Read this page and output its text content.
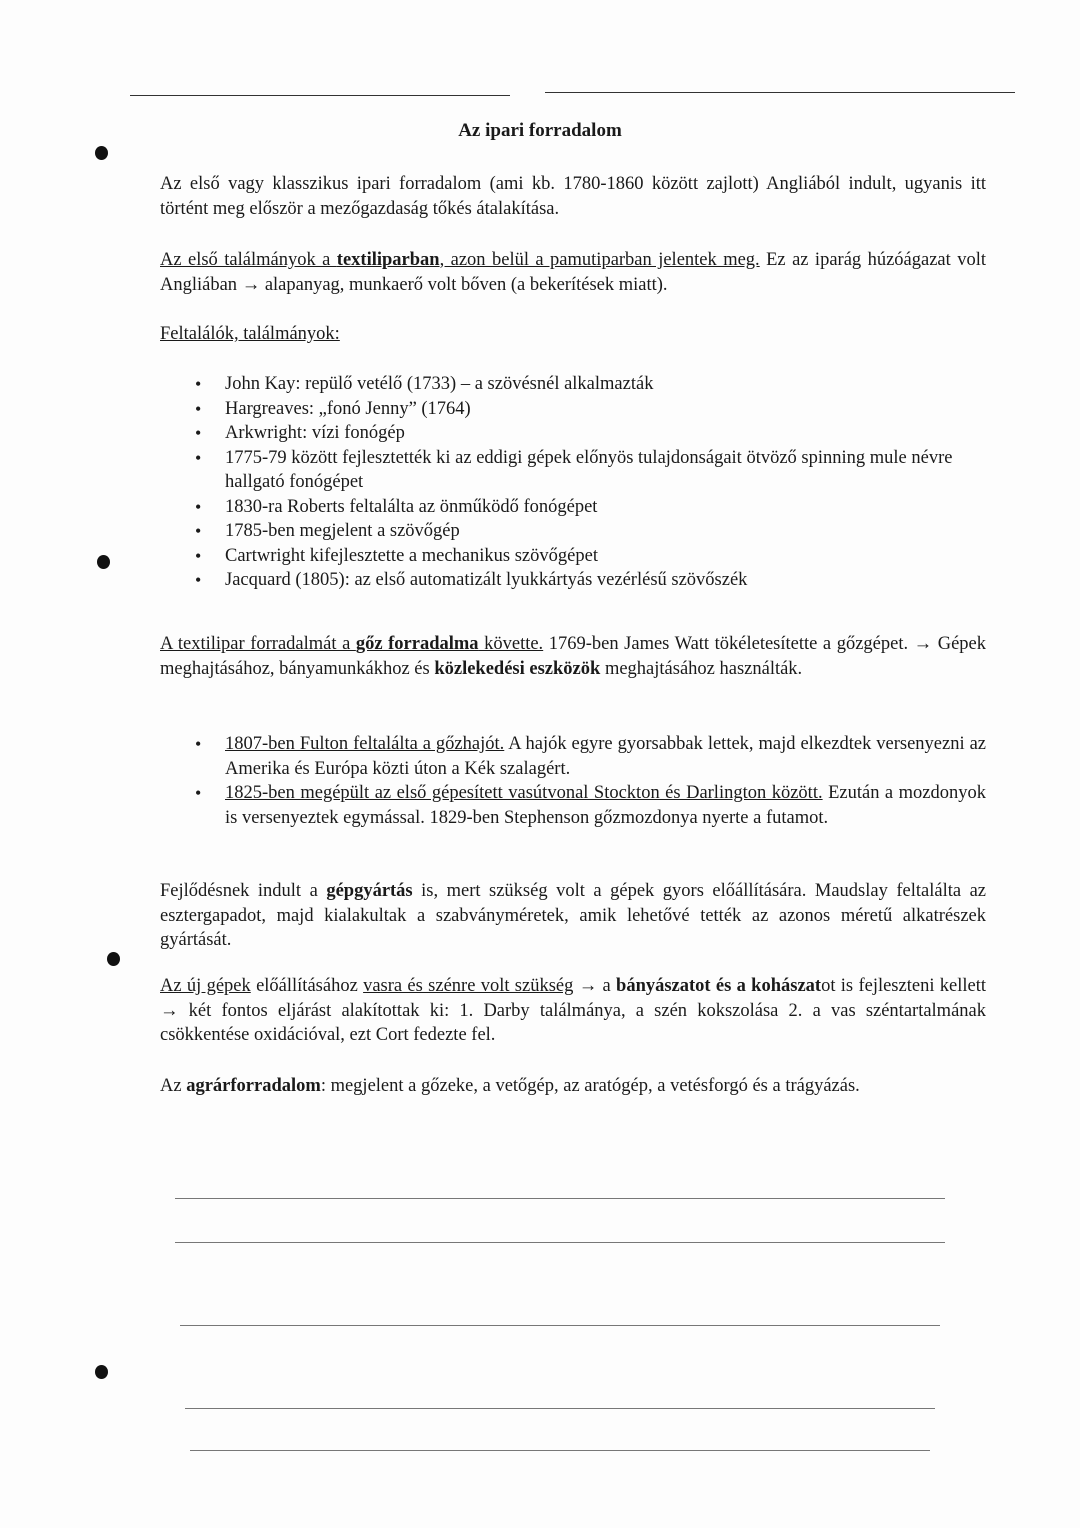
Az ipari forradalom

Az első vagy klasszikus ipari forradalom (ami kb. 1780-1860 között zajlott) Angliából indult, ugyanis itt történt meg először a mezőgazdaság tőkés átalakítása.

Az első találmányok a textiliparban, azon belül a pamutiparban jelentek meg. Ez az iparág húzóágazat volt Angliában → alapanyag, munkaerő volt bőven (a bekerítések miatt).

Feltalálók, találmányok:

• John Kay: repülő vetélő (1733) – a szövésnél alkalmazták
• Hargreaves: „fonó Jenny” (1764)
• Arkwright: vízi fonógép
• 1775-79 között fejlesztették ki az eddigi gépek előnyös tulajdonságait ötvöző spinning mule névre hallgató fonógépet
• 1830-ra Roberts feltalálta az önműködő fonógépet
• 1785-ben megjelent a szövőgép
• Cartwright kifejlesztette a mechanikus szövőgépet
• Jacquard (1805): az első automatizált lyukkártyás vezérlésű szövőszék

A textilipar forradalmát a gőz forradalma követte. 1769-ben James Watt tökéletesítette a gőzgépet. → Gépek meghajtásához, bányamunkákhoz és közlekedési eszközök meghajtásához használták.

• 1807-ben Fulton feltalálta a gőzhajót. A hajók egyre gyorsabbak lettek, majd elkezdtek versenyezni az Amerika és Európa közti úton a Kék szalagért.
• 1825-ben megépült az első gépesített vasútvonal Stockton és Darlington között. Ezután a mozdonyok is versenyeztek egymással. 1829-ben Stephenson gőzmozdonya nyerte a futamot.

Fejlődésnek indult a gépgyártás is, mert szükség volt a gépek gyors előállítására. Maudslay feltalálta az esztergapadot, majd kialakultak a szabványméretek, amik lehetővé tették az azonos méretű alkatrészek gyártását.

Az új gépek előállításához vasra és szénre volt szükség → a bányászatot és a kohászatot is fejleszteni kellett → két fontos eljárást alakítottak ki: 1. Darby találmánya, a szén kokszolása 2. a vas széntartalmának csökkentése oxidációval, ezt Cort fedezte fel.

Az agrárforradalom: megjelent a gőzeke, a vetőgép, az aratógép, a vetésforgó és a trágyázás.
